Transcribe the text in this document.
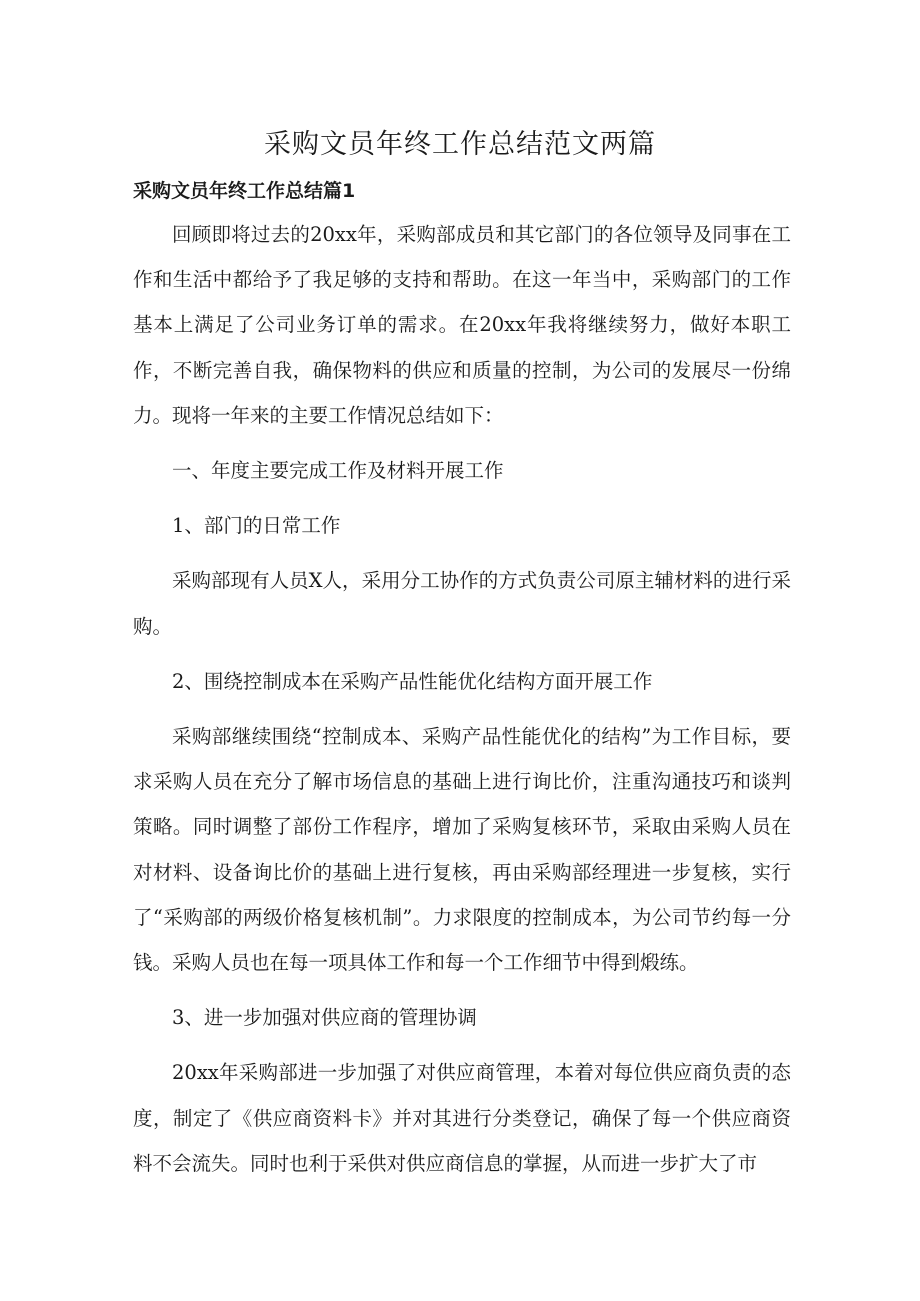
采购文员年终工作总结范文两篇
采购文员年终工作总结篇1

回顾即将过去的20xx年，采购部成员和其它部门的各位领导及同事在工作和生活中都给予了我足够的支持和帮助。在这一年当中，采购部门的工作基本上满足了公司业务订单的需求。在20xx年我将继续努力，做好本职工作，不断完善自我，确保物料的供应和质量的控制，为公司的发展尽一份绵力。现将一年来的主要工作情况总结如下：

一、年度主要完成工作及材料开展工作

1、部门的日常工作

采购部现有人员X人，采用分工协作的方式负责公司原主辅材料的进行采购。

2、围绕控制成本在采购产品性能优化结构方面开展工作

采购部继续围绕“控制成本、采购产品性能优化的结构”为工作目标，要求采购人员在充分了解市场信息的基础上进行询比价，注重沟通技巧和谈判策略。同时调整了部份工作程序，增加了采购复核环节，采取由采购人员在对材料、设备询比价的基础上进行复核，再由采购部经理进一步复核，实行了“采购部的两级价格复核机制”。力求限度的控制成本，为公司节约每一分钱。采购人员也在每一项具体工作和每一个工作细节中得到煅练。

3、进一步加强对供应商的管理协调

20xx年采购部进一步加强了对供应商管理，本着对每位供应商负责的态度，制定了《供应商资料卡》并对其进行分类登记，确保了每一个供应商资料不会流失。同时也利于采供对供应商信息的掌握，从而进一步扩大了市
